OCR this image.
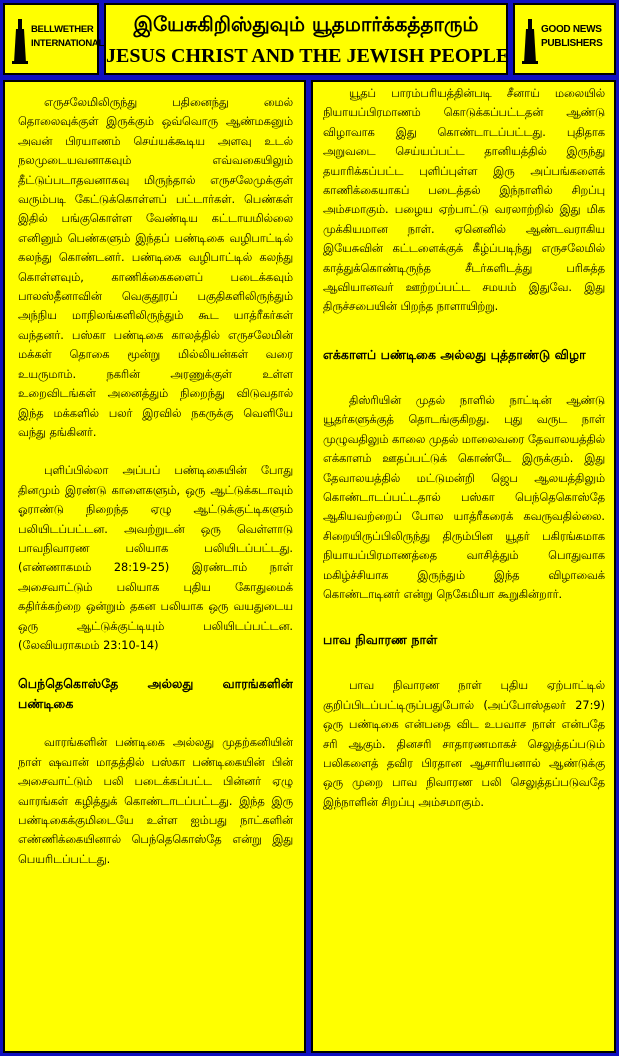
BELLWETHER
INTERNATIONAL
இயேசுகிறிஸ்துவும் யூதமார்க்கத்தாரும்
JESUS CHRIST AND THE JEWISH PEOPLE
GOOD NEWS
PUBLISHERS

எருசலேமிலிருந்து பதினைந்து மைல் தொலைவுக்குள் இருக்கும் ஒவ்வொரு ஆண்மகனும் அவன் பிரயாணம் செய்யக்கூடிய அளவு உடல் நலமுடையவனாகவும் எவ்வகையிலும் தீட்டுப்படாதவனாகவு மிருந்தால் எருசலேமுக்குள் வரும்படி கேட்டுக்கொள்ளப் பட்டார்கள். பெண்கள் இதில் பங்குகொள்ள வேண்டிய கட்டாயமில்லை எனினும் பெண்களும் இந்தப் பண்டிகை வழிபாட்டில் கலந்து கொண்டனர். பண்டிகை வழிபாட்டில் கலந்து கொள்ளவும், காணிக்கைகளைப் படைக்கவும் பாலஸ்தீனாவின் வெகுதூரப் பகுதிகளிலிருந்தும் அந்நிய மாநிலங்களிலிருந்தும் கூட யாத்ரீகர்கள் வந்தனர். பஸ்கா பண்டிகை காலத்தில் எருசலேமின் மக்கள் தொகை மூன்று மில்லியன்கள் வரை உயருமாம். நகரின் அரணுக்குள் உள்ள உறைவிடங்கள் அனைத்தும் நிறைந்து விடுவதால் இந்த மக்களில் பலர் இரவில் நகருக்கு வெளியே வந்து தங்கினர்.

புளிப்பில்லா அப்பப் பண்டிகையின் போது தினமும் இரண்டு காளைகளும், ஒரு ஆட்டுக்கடாவும் ஓராண்டு நிறைந்த ஏழு ஆட்டுக்குட்டிகளும் பலியிடப்பட்டன. அவற்றுடன் ஒரு வெள்ளாடு பாவநிவாரண பலியாக பலியிடப்பட்டது. (எண்ணாகமம் 28:19-25) இரண்டாம் நாள் அசைவாட்டும் பலியாக புதிய கோதுமைக் கதிர்க்கற்றை ஒன்றும் தகன பலியாக ஒரு வயதுடைய ஒரு ஆட்டுக்குட்டியும் பலியிடப்பட்டன. (லேவியராகமம் 23:10-14)

பெந்தெகொஸ்தே அல்லது வாரங்களின் பண்டிகை

வாரங்களின் பண்டிகை அல்லது முதற்கனியின் நாள் ஷவான் மாதத்தில் பஸ்கா பண்டிகையின் பின் அசைவாட்டும் பலி படைக்கப்பட்ட பின்னர் ஏழு வாரங்கள் கழித்துக் கொண்டாடப்பட்டது. இந்த இரு பண்டிகைக்குமிடையே உள்ள ஐம்பது நாட்களின் எண்ணிக்கையினால் பெந்தெகொஸ்தே என்று இது பெயரிடப்பட்டது.

யூதப் பாரம்பரியத்தின்படி சீனாய் மலையில் நியாயப்பிரமாணம் கொடுக்கப்பட்டதன் ஆண்டு விழாவாக இது கொண்டாடப்பட்டது. புதிதாக அறுவடை செய்யப்பட்ட தானியத்தில் இருந்து தயாரிக்கப்பட்ட புளிப்புள்ள இரு அப்பங்களைக் காணிக்கையாகப் படைத்தல் இந்நாளில் சிறப்பு அம்சமாகும். பழைய ஏற்பாட்டு வரலாற்றில் இது மிக முக்கியமான நாள். ஏனெனில் ஆண்டவராகிய இயேசுவின் கட்டளைக்குக் கீழ்ப்படிந்து எருசலேமில் காத்துக்கொண்டிருந்த சீடர்களிடத்து பரிசுத்த ஆவியானவர் ஊற்றப்பட்ட சமயம் இதுவே. இது திருச்சபையின் பிறந்த நாளாயிற்று.

எக்காளப் பண்டிகை அல்லது புத்தாண்டு விழா

திஸ்ரியின் முதல் நாளில் நாட்டின் ஆண்டு யூதர்களுக்குத் தொடங்குகிறது. புது வருட நாள் முழுவதிலும் காலை முதல் மாலைவரை தேவாலயத்தில் எக்காளம் ஊதப்பட்டுக் கொண்டே இருக்கும். இது தேவாலயத்தில் மட்டுமன்றி ஜெப ஆலயத்திலும் கொண்டாடப்பட்டதால் பஸ்கா பெந்தெகொஸ்தே ஆகியவற்றைப் போல யாத்ரீகரைக் கவருவதில்லை. சிறையிருப்பிலிருந்து திரும்பின யூதர் பகிரங்கமாக நியாயப்பிரமாணத்தை வாசித்தும் பொதுவாக மகிழ்ச்சியாக இருந்தும் இந்த விழாவைக் கொண்டாடினர் என்று நெகேமியா கூறுகின்றார்.

பாவ நிவாரண நாள்

பாவ நிவாரண நாள் புதிய ஏற்பாட்டில் குறிப்பிடப்பட்டிருப்பதுபோல் (அப்போஸ்தலர் 27:9) ஒரு பண்டிகை என்பதை விட உபவாச நாள் என்பதே சரி ஆகும். தினசரி சாதாரணமாகச் செலுத்தப்படும் பலிகளைத் தவிர பிரதான ஆசாரியனால் ஆண்டுக்கு ஒரு முறை பாவ நிவாரண பலி செலுத்தப்படுவதே இந்நாளின் சிறப்பு அம்சமாகும்.
